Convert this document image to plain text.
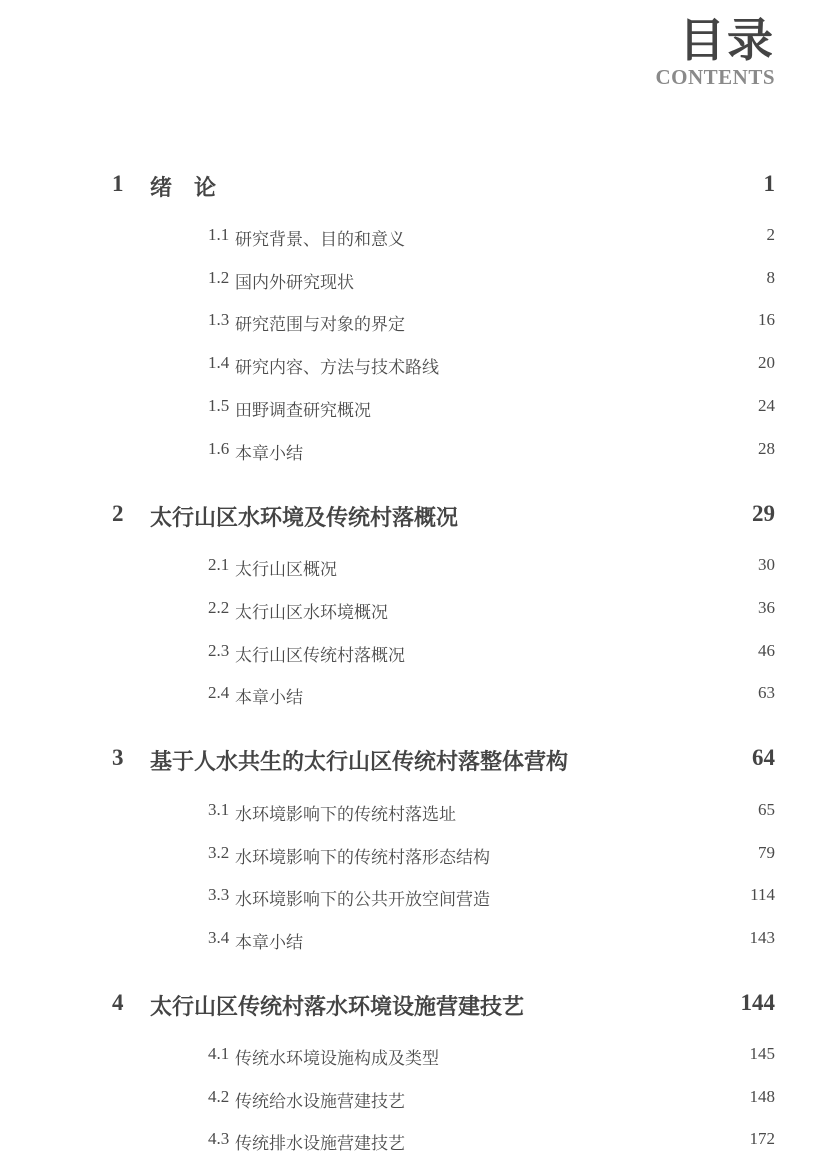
目录
CONTENTS
1 绪　论	1
1.1 研究背景、目的和意义	2
1.2 国内外研究现状	8
1.3 研究范围与对象的界定	16
1.4 研究内容、方法与技术路线	20
1.5 田野调查研究概况	24
1.6 本章小结	28
2 太行山区水环境及传统村落概况	29
2.1 太行山区概况	30
2.2 太行山区水环境概况	36
2.3 太行山区传统村落概况	46
2.4 本章小结	63
3 基于人水共生的太行山区传统村落整体营构	64
3.1 水环境影响下的传统村落选址	65
3.2 水环境影响下的传统村落形态结构	79
3.3 水环境影响下的公共开放空间营造	114
3.4 本章小结	143
4 太行山区传统村落水环境设施营建技艺	144
4.1 传统水环境设施构成及类型	145
4.2 传统给水设施营建技艺	148
4.3 传统排水设施营建技艺	172
